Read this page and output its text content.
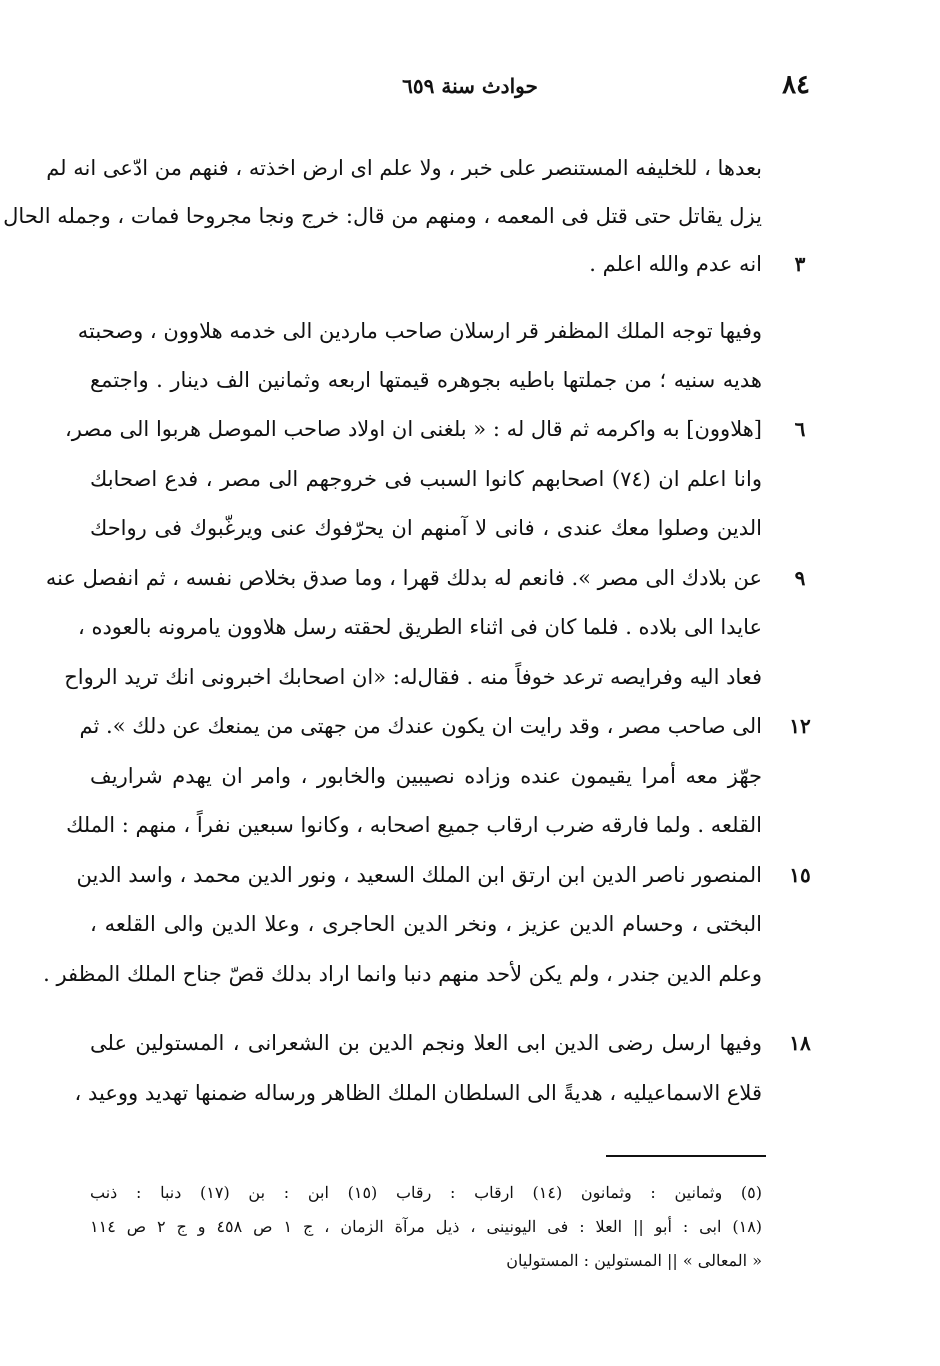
٨٤
حوادث سنة ٦٥٩
بعدها ، للخليفه المستنصر على خبر ، ولا علم اى ارض اخذته ، فنهم من ادّعى انه لم
يزل يقاتل حتى قتل فى المعمه ، ومنهم من قال: خرج ونجا مجروحا فمات ، وجمله الحال
انه عدم والله اعلم .
وفيها توجه الملك المظفر قر ارسلان صاحب ماردين الى خدمه هلاوون ، وصحبته
هديه سنيه ؛ من جملتها باطيه بجوهره قيمتها اربعه وثمانين الف دينار . واجتمع
[هلاوون] به واكرمه ثم قال له : « بلغنى ان اولاد صاحب الموصل هربوا الى مصر،
وانا اعلم ان (٧٤) اصحابهم كانوا السبب فى خروجهم الى مصر ، فدع اصحابك
الدين وصلوا معك عندى ، فانى لا آمنهم ان يحرّفوك عنى ويرغّبوك فى رواحك
عن بلادك الى مصر ». فانعم له بدلك قهرا ، وما صدق بخلاص نفسه ، ثم انفصل عنه
عايدا الى بلاده . فلما كان فى اثناء الطريق لحقته رسل هلاوون يامرونه بالعوده ،
فعاد اليه وفرايصه ترعد خوفاً منه . فقال‌له: «ان اصحابك اخبرونى انك تريد الرواح
الى صاحب مصر ، وقد رايت ان يكون عندك من جهتى من يمنعك عن دلك ». ثم
جهّز معه أمرا يقيمون عنده وزاده نصيبين والخابور ، وامر ان يهدم شراريف
القلعه . ولما فارقه ضرب ارقاب جميع اصحابه ، وكانوا سبعين نفراً ، منهم : الملك
المنصور ناصر الدين ابن ارتق ابن الملك السعيد ، ونور الدين محمد ، واسد الدين
البختى ، وحسام الدين عزيز ، ونخر الدين الحاجرى ، وعلا الدين والى القلعه ،
وعلم الدين جندر ، ولم يكن لأحد منهم دنبا وانما اراد بدلك قصّ جناح الملك المظفر .
وفيها ارسل رضى الدين ابى العلا ونجم الدين بن الشعرانى ، المستولين على
قلاع الاسماعيليه ، هديةً الى السلطان الملك الظاهر ورساله ضمنها تهديد ووعيد ،
٣
٦
٩
١٢
١٥
١٨
(٥) وثمانين : وثمانون (١٤) ارقاب : رقاب (١٥) ابن : بن (١٧) دنبا : ذنب
(١٨) ابى : أبو || العلا : فى اليونينى ، ذيل مرآة الزمان ، ج ١ ص ٤٥٨ و ج ٢ ص ١١٤
« المعالى » || المستولين : المستوليان
